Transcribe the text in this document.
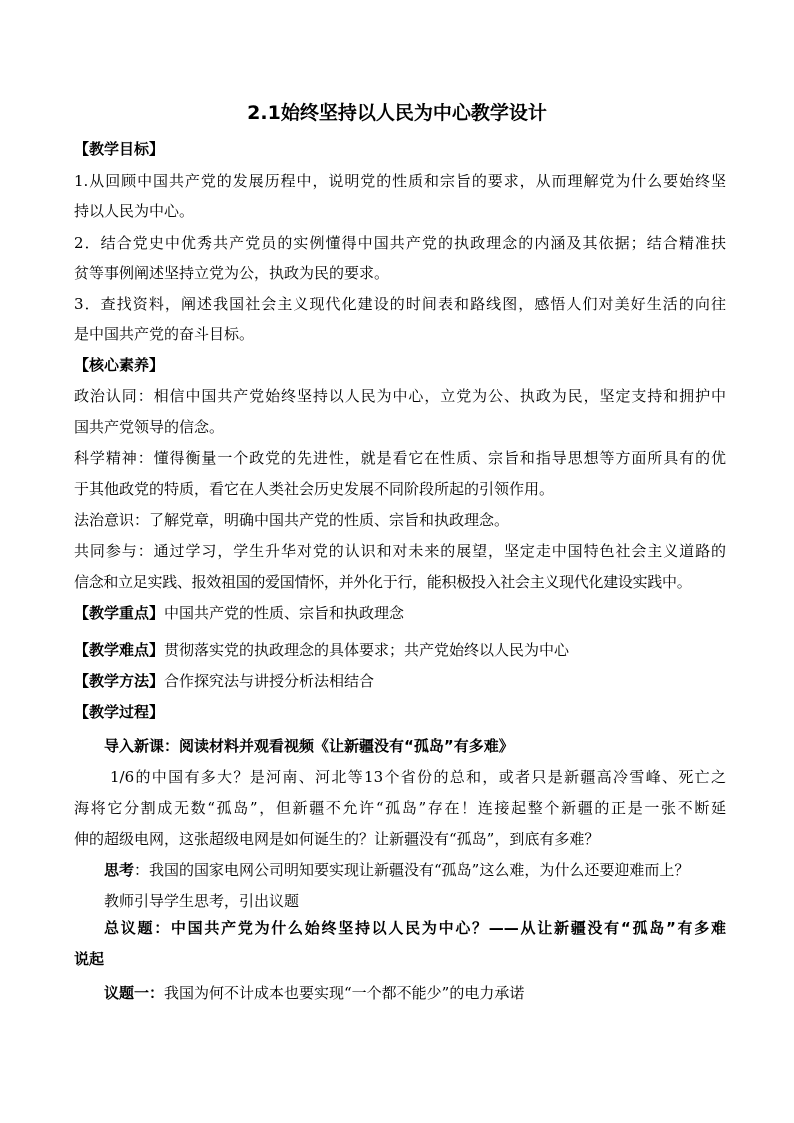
2.1始终坚持以人民为中心教学设计
【教学目标】
1.从回顾中国共产党的发展历程中，说明党的性质和宗旨的要求，从而理解党为什么要始终坚
持以人民为中心。
2．结合党史中优秀共产党员的实例懂得中国共产党的执政理念的内涵及其依据；结合精准扶
贫等事例阐述坚持立党为公，执政为民的要求。
3．查找资料，阐述我国社会主义现代化建设的时间表和路线图，感悟人们对美好生活的向往
是中国共产党的奋斗目标。
【核心素养】
政治认同：相信中国共产党始终坚持以人民为中心，立党为公、执政为民，坚定支持和拥护中
国共产党领导的信念。
科学精神：懂得衡量一个政党的先进性，就是看它在性质、宗旨和指导思想等方面所具有的优
于其他政党的特质，看它在人类社会历史发展不同阶段所起的引领作用。
法治意识：了解党章，明确中国共产党的性质、宗旨和执政理念。
共同参与：通过学习，学生升华对党的认识和对未来的展望，坚定走中国特色社会主义道路的
信念和立足实践、报效祖国的爱国情怀，并外化于行，能积极投入社会主义现代化建设实践中。
【教学重点】中国共产党的性质、宗旨和执政理念
【教学难点】贯彻落实党的执政理念的具体要求；共产党始终以人民为中心
【教学方法】合作探究法与讲授分析法相结合
【教学过程】
导入新课：阅读材料并观看视频《让新疆没有“孤岛”有多难》
1/6的中国有多大？是河南、河北等13个省份的总和，或者只是新疆高冷雪峰、死亡之
海将它分割成无数“孤岛”，但新疆不允许“孤岛”存在！连接起整个新疆的正是一张不断延
伸的超级电网，这张超级电网是如何诞生的？让新疆没有“孤岛”，到底有多难？
思考：我国的国家电网公司明知要实现让新疆没有“孤岛”这么难，为什么还要迎难而上？
教师引导学生思考，引出议题
总议题：中国共产党为什么始终坚持以人民为中心？——从让新疆没有“孤岛”有多难
说起
议题一：我国为何不计成本也要实现“一个都不能少”的电力承诺
